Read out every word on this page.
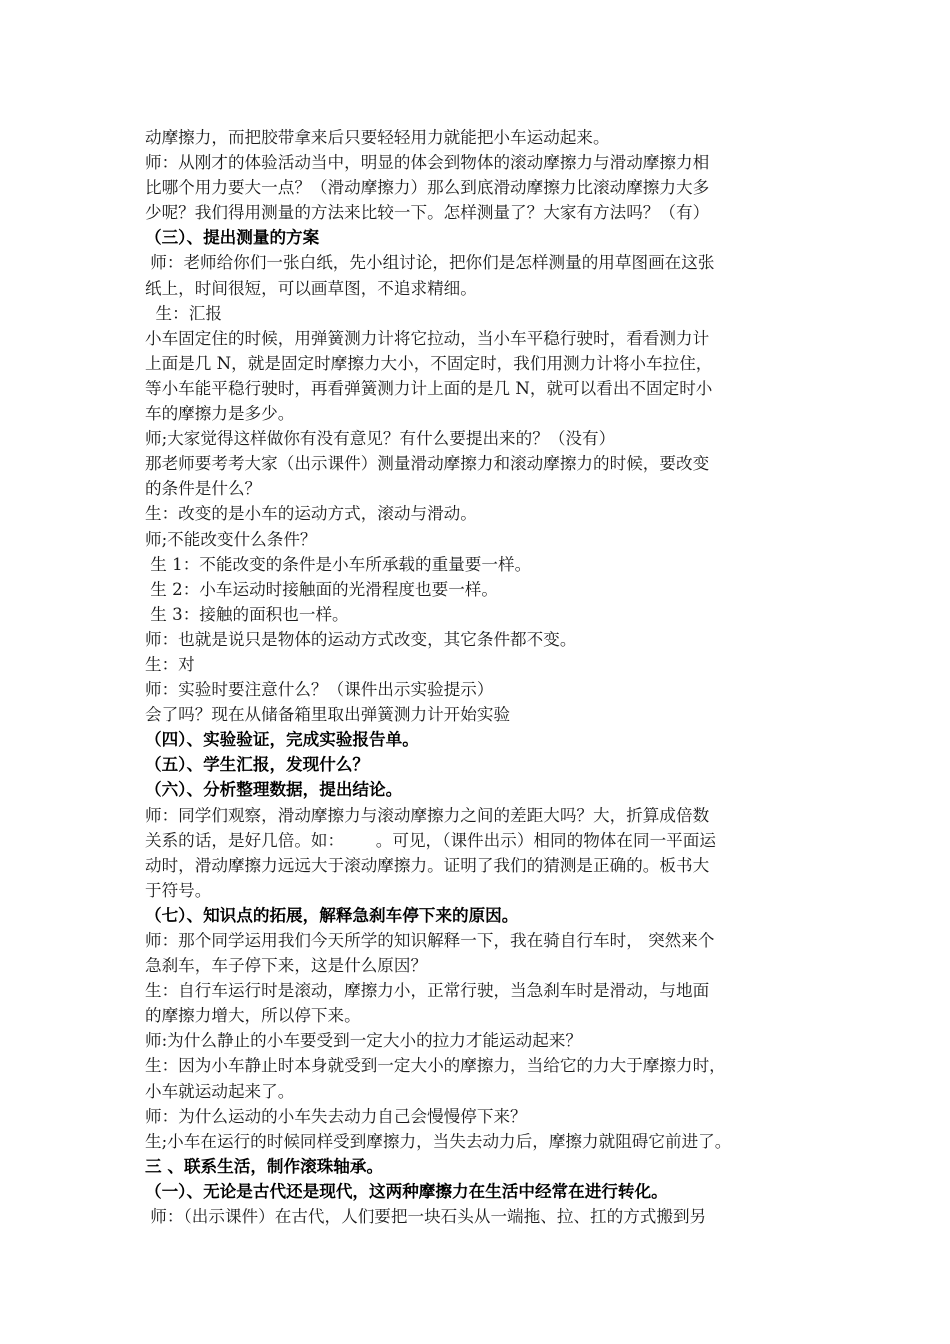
动摩擦力，而把胶带拿来后只要轻轻用力就能把小车运动起来。
师：从刚才的体验活动当中，明显的体会到物体的滚动摩擦力与滑动摩擦力相
比哪个用力要大一点？（滑动摩擦力）那么到底滑动摩擦力比滚动摩擦力大多
少呢？我们得用测量的方法来比较一下。怎样测量了？大家有方法吗？（有）
（三）、提出测量的方案
师：老师给你们一张白纸，先小组讨论，把你们是怎样测量的用草图画在这张
纸上，时间很短，可以画草图，不追求精细。
生：汇报
小车固定住的时候，用弹簧测力计将它拉动，当小车平稳行驶时，看看测力计
上面是几 N，就是固定时摩擦力大小，不固定时，我们用测力计将小车拉住，
等小车能平稳行驶时，再看弹簧测力计上面的是几 N，就可以看出不固定时小
车的摩擦力是多少。
师;大家觉得这样做你有没有意见？有什么要提出来的？（没有）
那老师要考考大家（出示课件）测量滑动摩擦力和滚动摩擦力的时候，要改变
的条件是什么？
生：改变的是小车的运动方式，滚动与滑动。
师;不能改变什么条件？
生 1：不能改变的条件是小车所承载的重量要一样。
生 2：小车运动时接触面的光滑程度也要一样。
生 3：接触的面积也一样。
师：也就是说只是物体的运动方式改变，其它条件都不变。
生：对
师：实验时要注意什么？（课件出示实验提示）
会了吗？现在从储备箱里取出弹簧测力计开始实验
（四）、实验验证，完成实验报告单。
（五）、学生汇报，发现什么？
（六）、分析整理数据，提出结论。
师：同学们观察，滑动摩擦力与滚动摩擦力之间的差距大吗？大，折算成倍数
关系的话，是好几倍。如：      。可见，（课件出示）相同的物体在同一平面运
动时，滑动摩擦力远远大于滚动摩擦力。证明了我们的猜测是正确的。板书大
于符号。
（七）、知识点的拓展，解释急刹车停下来的原因。
师：那个同学运用我们今天所学的知识解释一下，我在骑自行车时， 突然来个
急刹车，车子停下来，这是什么原因？
生：自行车运行时是滚动，摩擦力小，正常行驶，当急刹车时是滑动，与地面
的摩擦力增大，所以停下来。
师:为什么静止的小车要受到一定大小的拉力才能运动起来？
生：因为小车静止时本身就受到一定大小的摩擦力，当给它的力大于摩擦力时，
小车就运动起来了。
师：为什么运动的小车失去动力自己会慢慢停下来？
生;小车在运行的时候同样受到摩擦力，当失去动力后，摩擦力就阻碍它前进了。
三 、联系生活，制作滚珠轴承。
（一）、无论是古代还是现代，这两种摩擦力在生活中经常在进行转化。
师：（出示课件）在古代，人们要把一块石头从一端拖、拉、扛的方式搬到另
